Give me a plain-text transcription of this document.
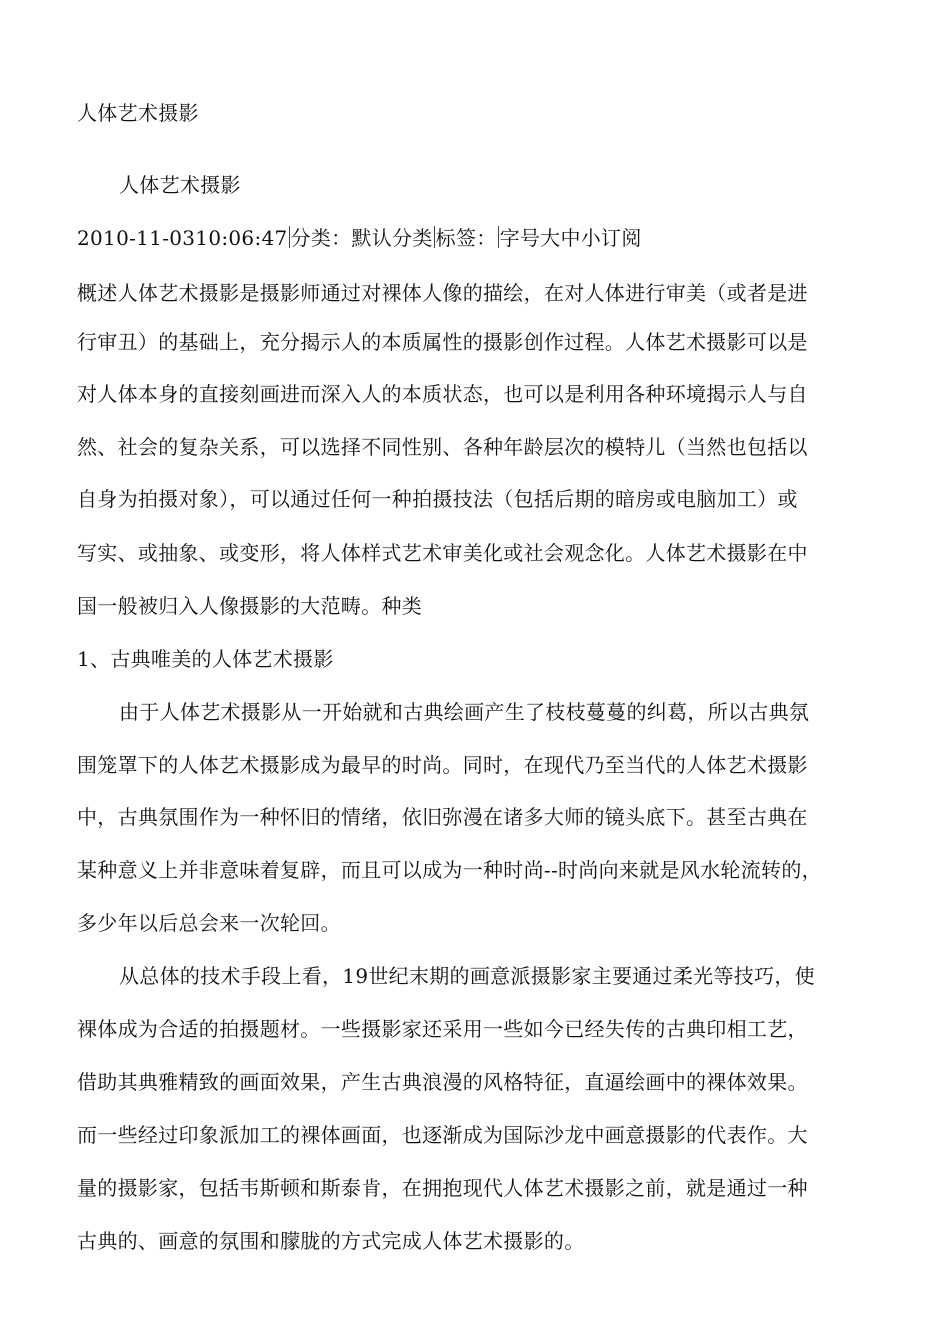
人体艺术摄影
人体艺术摄影
2010-11-0310:06:47 分类：默认分类 标签： 字号大中小订阅
概述人体艺术摄影是摄影师通过对裸体人像的描绘，在对人体进行审美（或者是进
行审丑）的基础上，充分揭示人的本质属性的摄影创作过程。人体艺术摄影可以是
对人体本身的直接刻画进而深入人的本质状态，也可以是利用各种环境揭示人与自
然、社会的复杂关系，可以选择不同性别、各种年龄层次的模特儿（当然也包括以
自身为拍摄对象），可以通过任何一种拍摄技法（包括后期的暗房或电脑加工）或
写实、或抽象、或变形，将人体样式艺术审美化或社会观念化。人体艺术摄影在中
国一般被归入人像摄影的大范畴。种类
1、古典唯美的人体艺术摄影
由于人体艺术摄影从一开始就和古典绘画产生了枝枝蔓蔓的纠葛，所以古典氛
围笼罩下的人体艺术摄影成为最早的时尚。同时，在现代乃至当代的人体艺术摄影
中，古典氛围作为一种怀旧的情绪，依旧弥漫在诸多大师的镜头底下。甚至古典在
某种意义上并非意味着复辟，而且可以成为一种时尚--时尚向来就是风水轮流转的，
多少年以后总会来一次轮回。
从总体的技术手段上看，19世纪末期的画意派摄影家主要通过柔光等技巧，使
裸体成为合适的拍摄题材。一些摄影家还采用一些如今已经失传的古典印相工艺，
借助其典雅精致的画面效果，产生古典浪漫的风格特征，直逼绘画中的裸体效果。
而一些经过印象派加工的裸体画面，也逐渐成为国际沙龙中画意摄影的代表作。大
量的摄影家，包括韦斯顿和斯泰肯，在拥抱现代人体艺术摄影之前，就是通过一种
古典的、画意的氛围和朦胧的方式完成人体艺术摄影的。
